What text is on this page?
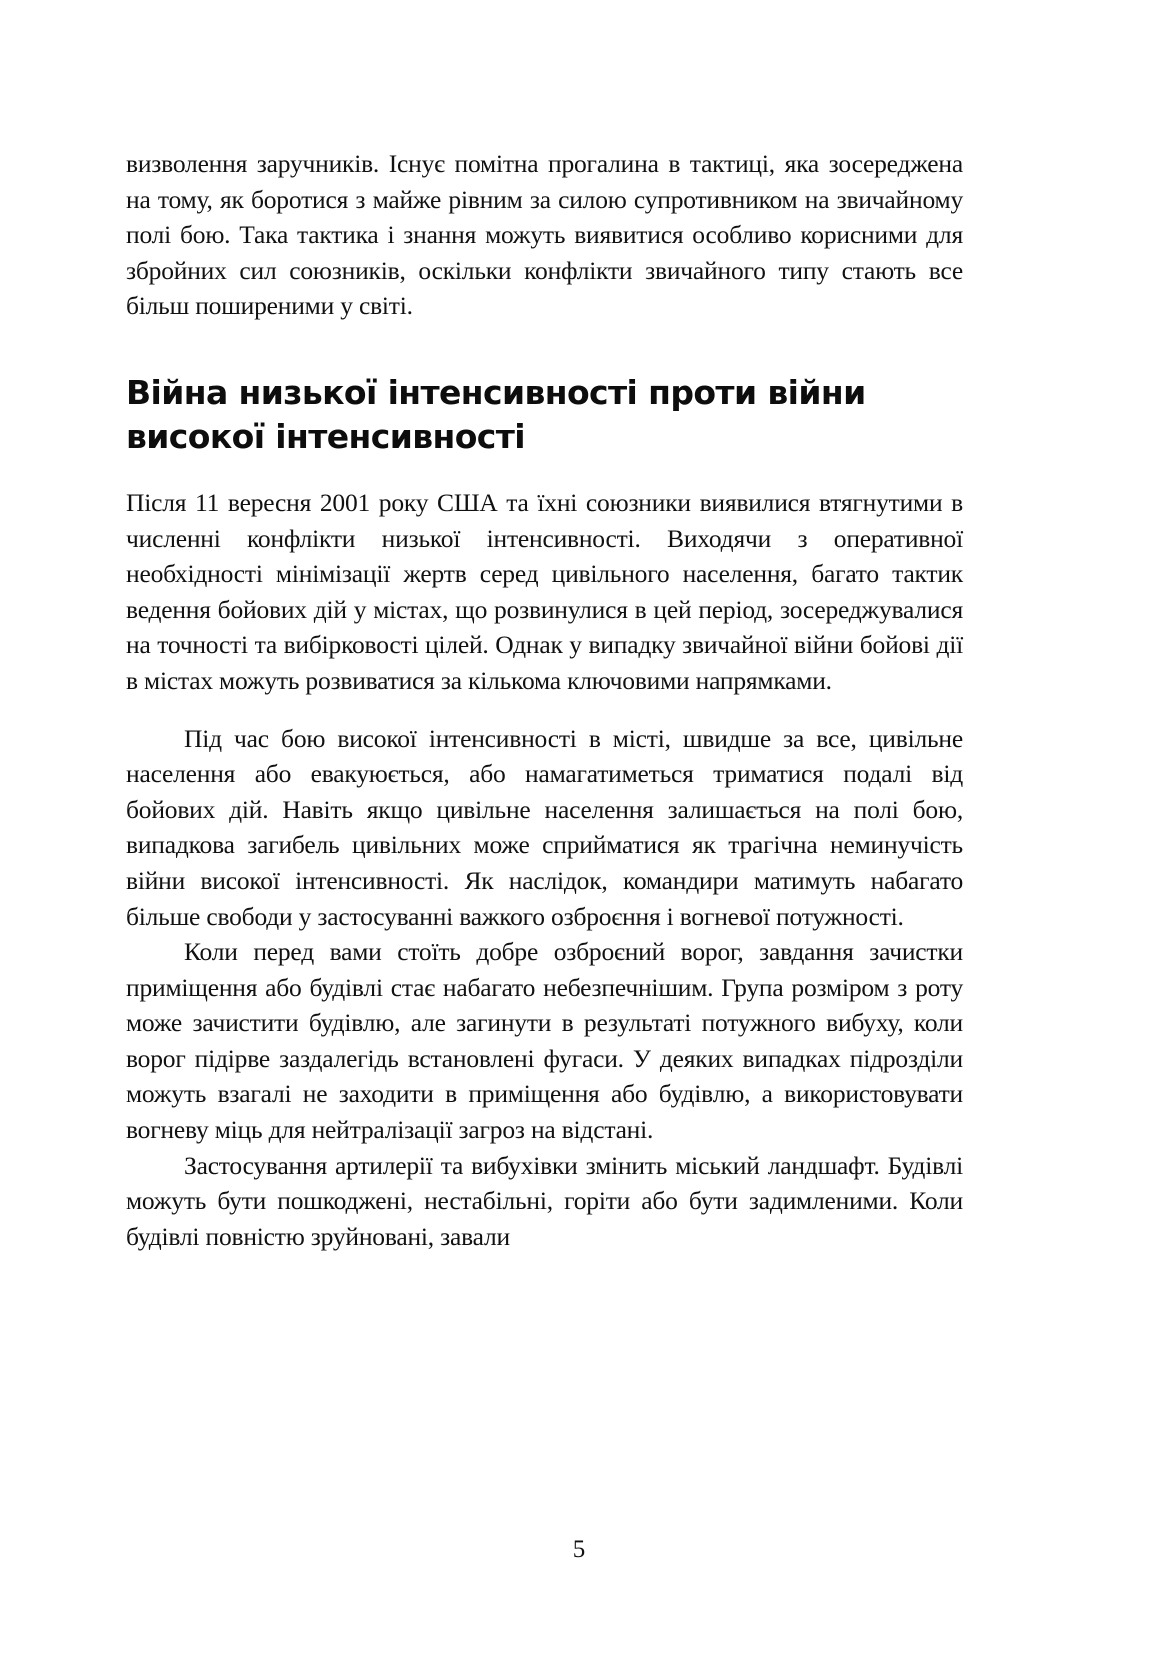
визволення заручників. Існує помітна прогалина в тактиці, яка зосереджена на тому, як боротися з майже рівним за силою супротивником на звичайному полі бою. Така тактика і знання можуть виявитися особливо корисними для збройних сил союзників, оскільки конфлікти звичайного типу стають все більш поширеними у світі.

Війна низької інтенсивності проти війни високої інтенсивності

Після 11 вересня 2001 року США та їхні союзники виявилися втягнутими в численні конфлікти низької інтенсивності. Виходячи з оперативної необхідності мінімізації жертв серед цивільного населення, багато тактик ведення бойових дій у містах, що розвинулися в цей період, зосереджувалися на точності та вибірковості цілей. Однак у випадку звичайної війни бойові дії в містах можуть розвиватися за кількома ключовими напрямками.

Під час бою високої інтенсивності в місті, швидше за все, цивільне населення або евакуюється, або намагатиметься триматися подалі від бойових дій. Навіть якщо цивільне населення залишається на полі бою, випадкова загибель цивільних може сприйматися як трагічна неминучість війни високої інтенсивності. Як наслідок, командири матимуть набагато більше свободи у застосуванні важкого озброєння і вогневої потужності.

Коли перед вами стоїть добре озброєний ворог, завдання зачистки приміщення або будівлі стає набагато небезпечнішим. Група розміром з роту може зачистити будівлю, але загинути в результаті потужного вибуху, коли ворог підірве заздалегідь встановлені фугаси. У деяких випадках підрозділи можуть взагалі не заходити в приміщення або будівлю, а використовувати вогневу міць для нейтралізації загроз на відстані.

Застосування артилерії та вибухівки змінить міський ландшафт. Будівлі можуть бути пошкоджені, нестабільні, горіти або бути задимленими. Коли будівлі повністю зруйновані, завали

5
